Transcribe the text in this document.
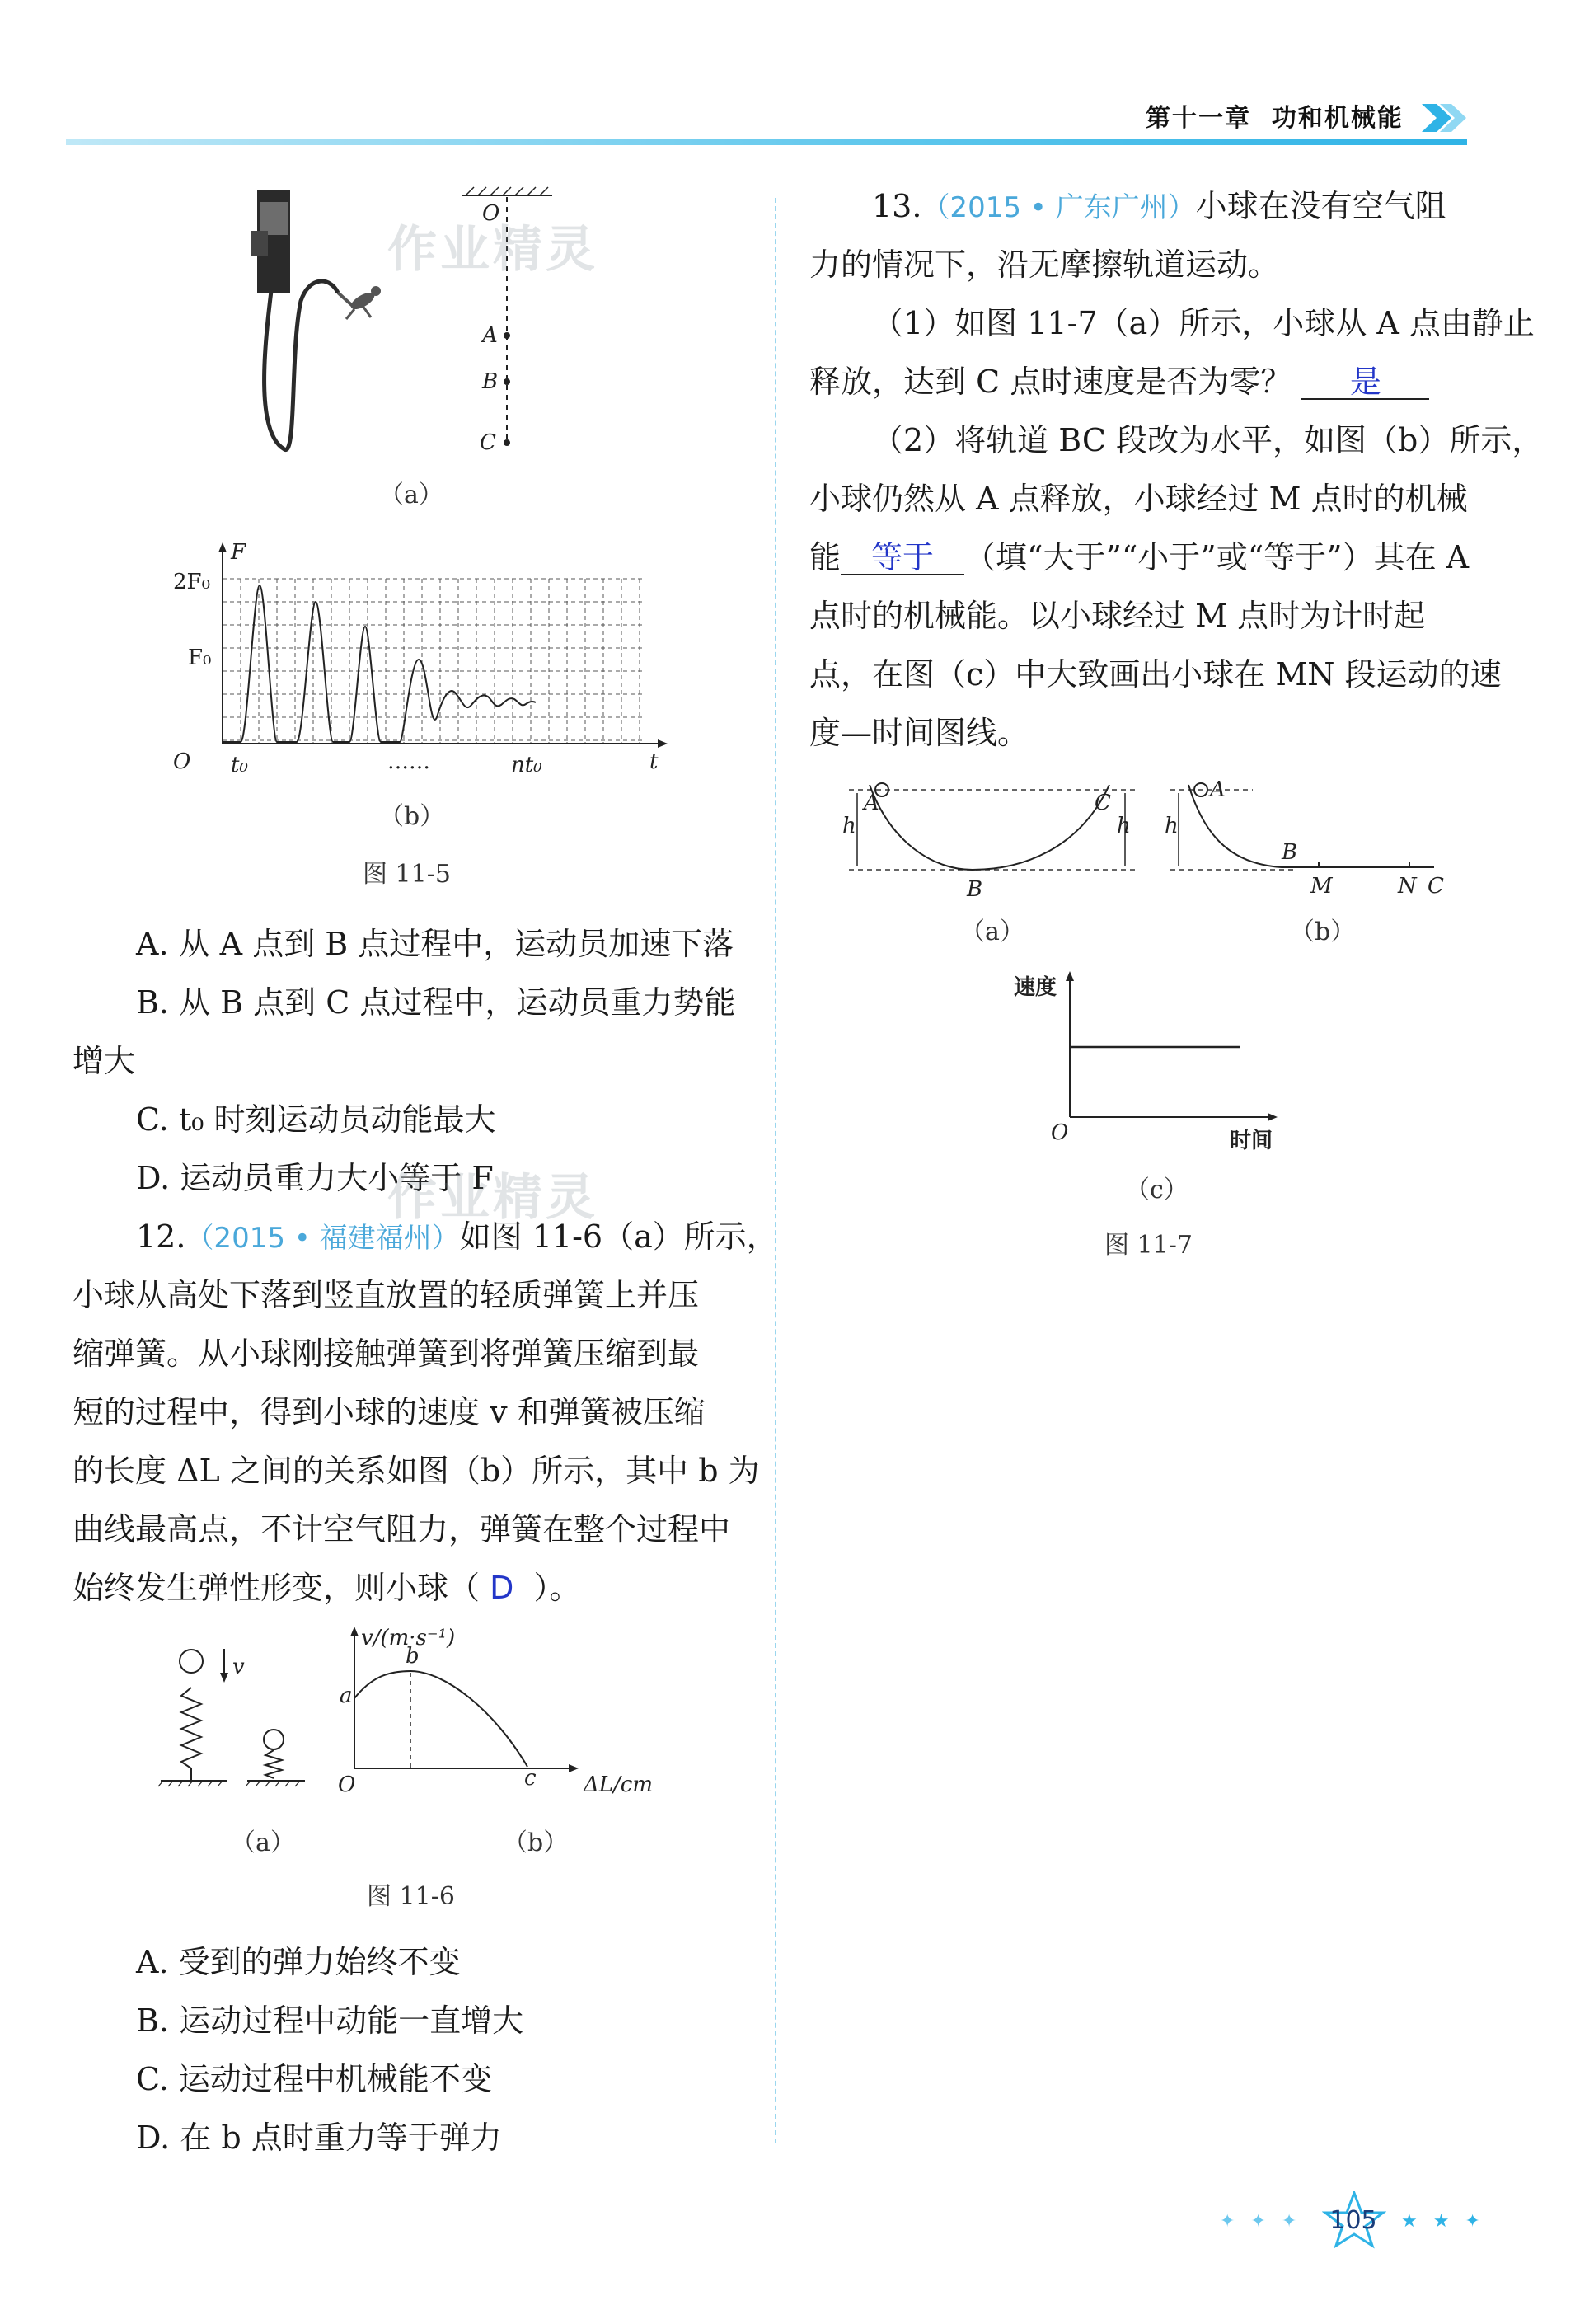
第十一章 功和机械能
O
A
B
C
（a）
F
2F₀
F₀
O t₀	……	nt₀	t
（b）
图 11-5
A. 从 A 点到 B 点过程中，运动员加速下落
B. 从 B 点到 C 点过程中，运动员重力势能
增大
C. t₀ 时刻运动员动能最大
D. 运动员重力大小等于 F
作业精灵
作业精灵
12.（2015 • 福建福州）如图 11-6（a）所示，
小球从高处下落到竖直放置的轻质弹簧上并压
缩弹簧。从小球刚接触弹簧到将弹簧压缩到最
短的过程中，得到小球的速度 v 和弹簧被压缩
的长度 ΔL 之间的关系如图（b）所示，其中 b 为
曲线最高点，不计空气阻力，弹簧在整个过程中
始终发生弹性形变，则小球（ D ）。
v
v/(m·s⁻¹)
b
a
O	c ΔL/cm
（a）	（b）
图 11-6
A. 受到的弹力始终不变
B. 运动过程中动能一直增大
C. 运动过程中机械能不变
D. 在 b 点时重力等于弹力
13.（2015 • 广东广州）小球在没有空气阻
力的情况下，沿无摩擦轨道运动。
（1）如图 11-7（a）所示，小球从 A 点由静止
释放，达到 C 点时速度是否为零？ 是
（2）将轨道 BC 段改为水平，如图（b）所示，
小球仍然从 A 点释放，小球经过 M 点时的机械
能 等于 （填“大于”“小于”或“等于”）其在 A
点时的机械能。以小球经过 M 点时为计时起
点，在图（c）中大致画出小球在 MN 段运动的速
度—时间图线。
A	C
h	h
B
A
h
B
M	N C
（a）	（b）
速度
O	时间
（c）
图 11-7
✦ ✦ ✦ 105 ★ ★ ✦
